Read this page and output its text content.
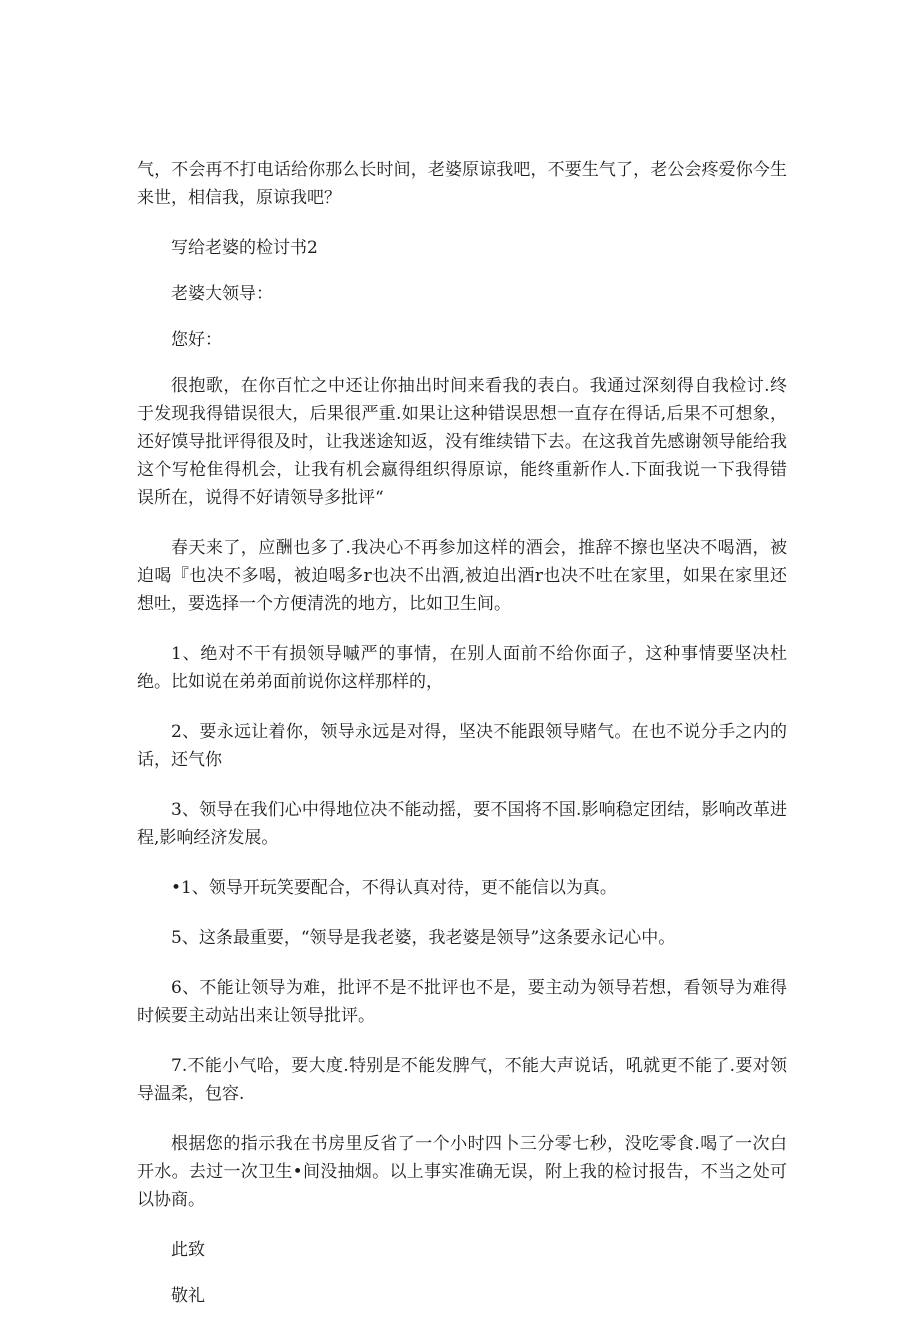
气，不会再不打电话给你那么长时间，老婆原谅我吧，不要生气了，老公会疼爱你今生来世，相信我，原谅我吧？

写给老婆的检讨书2

老婆大领导：

您好：

很抱歌，在你百忙之中还让你抽出时间来看我的表白。我通过深刻得自我检讨.终于发现我得错误很大，后果很严重.如果让这种错误思想一直存在得话,后果不可想象，还好馍导批评得很及时，让我迷途知返，没有维续错下去。在这我首先感谢领导能给我这个写枪隹得机会，让我有机会嬴得组织得原谅，能终重新作人.下面我说一下我得错误所在，说得不好请领导多批评“

春天来了，应酬也多了.我决心不再参加这样的酒会，推辞不擦也坚决不喝酒，被迫喝『也决不多喝，被迫喝多r也决不出酒,被迫出酒r也决不吐在家里，如果在家里还想吐，要选择一个方便清洗的地方，比如卫生间。

1、绝对不干有损领导嘁严的事情，在别人面前不给你面子，这种事情要坚决杜绝。比如说在弟弟面前说你这样那样的，

2、要永远让着你，领导永远是对得，坚决不能跟领导赌气。在也不说分手之内的话，还气你

3、领导在我们心中得地位决不能动摇，要不国将不国.影响稳定团结，影响改革进程,影响经济发展。

•1、领导开玩笑要配合，不得认真对待，更不能信以为真。

5、这条最重要，“领导是我老婆，我老婆是领导”这条要永记心中。

6、不能让领导为难，批评不是不批评也不是，要主动为领导若想，看领导为难得时候要主动站出来让领导批评。

7.不能小气哈，要大度.特别是不能发脾气，不能大声说话，吼就更不能了.要对领导温柔，包容.

根据您的指示我在书房里反省了一个小时四卜三分零七秒，没吃零食.喝了一次白开水。去过一次卫生•间没抽烟。以上事实准确无误，附上我的检讨报告，不当之处可以协商。

此致

敬礼
